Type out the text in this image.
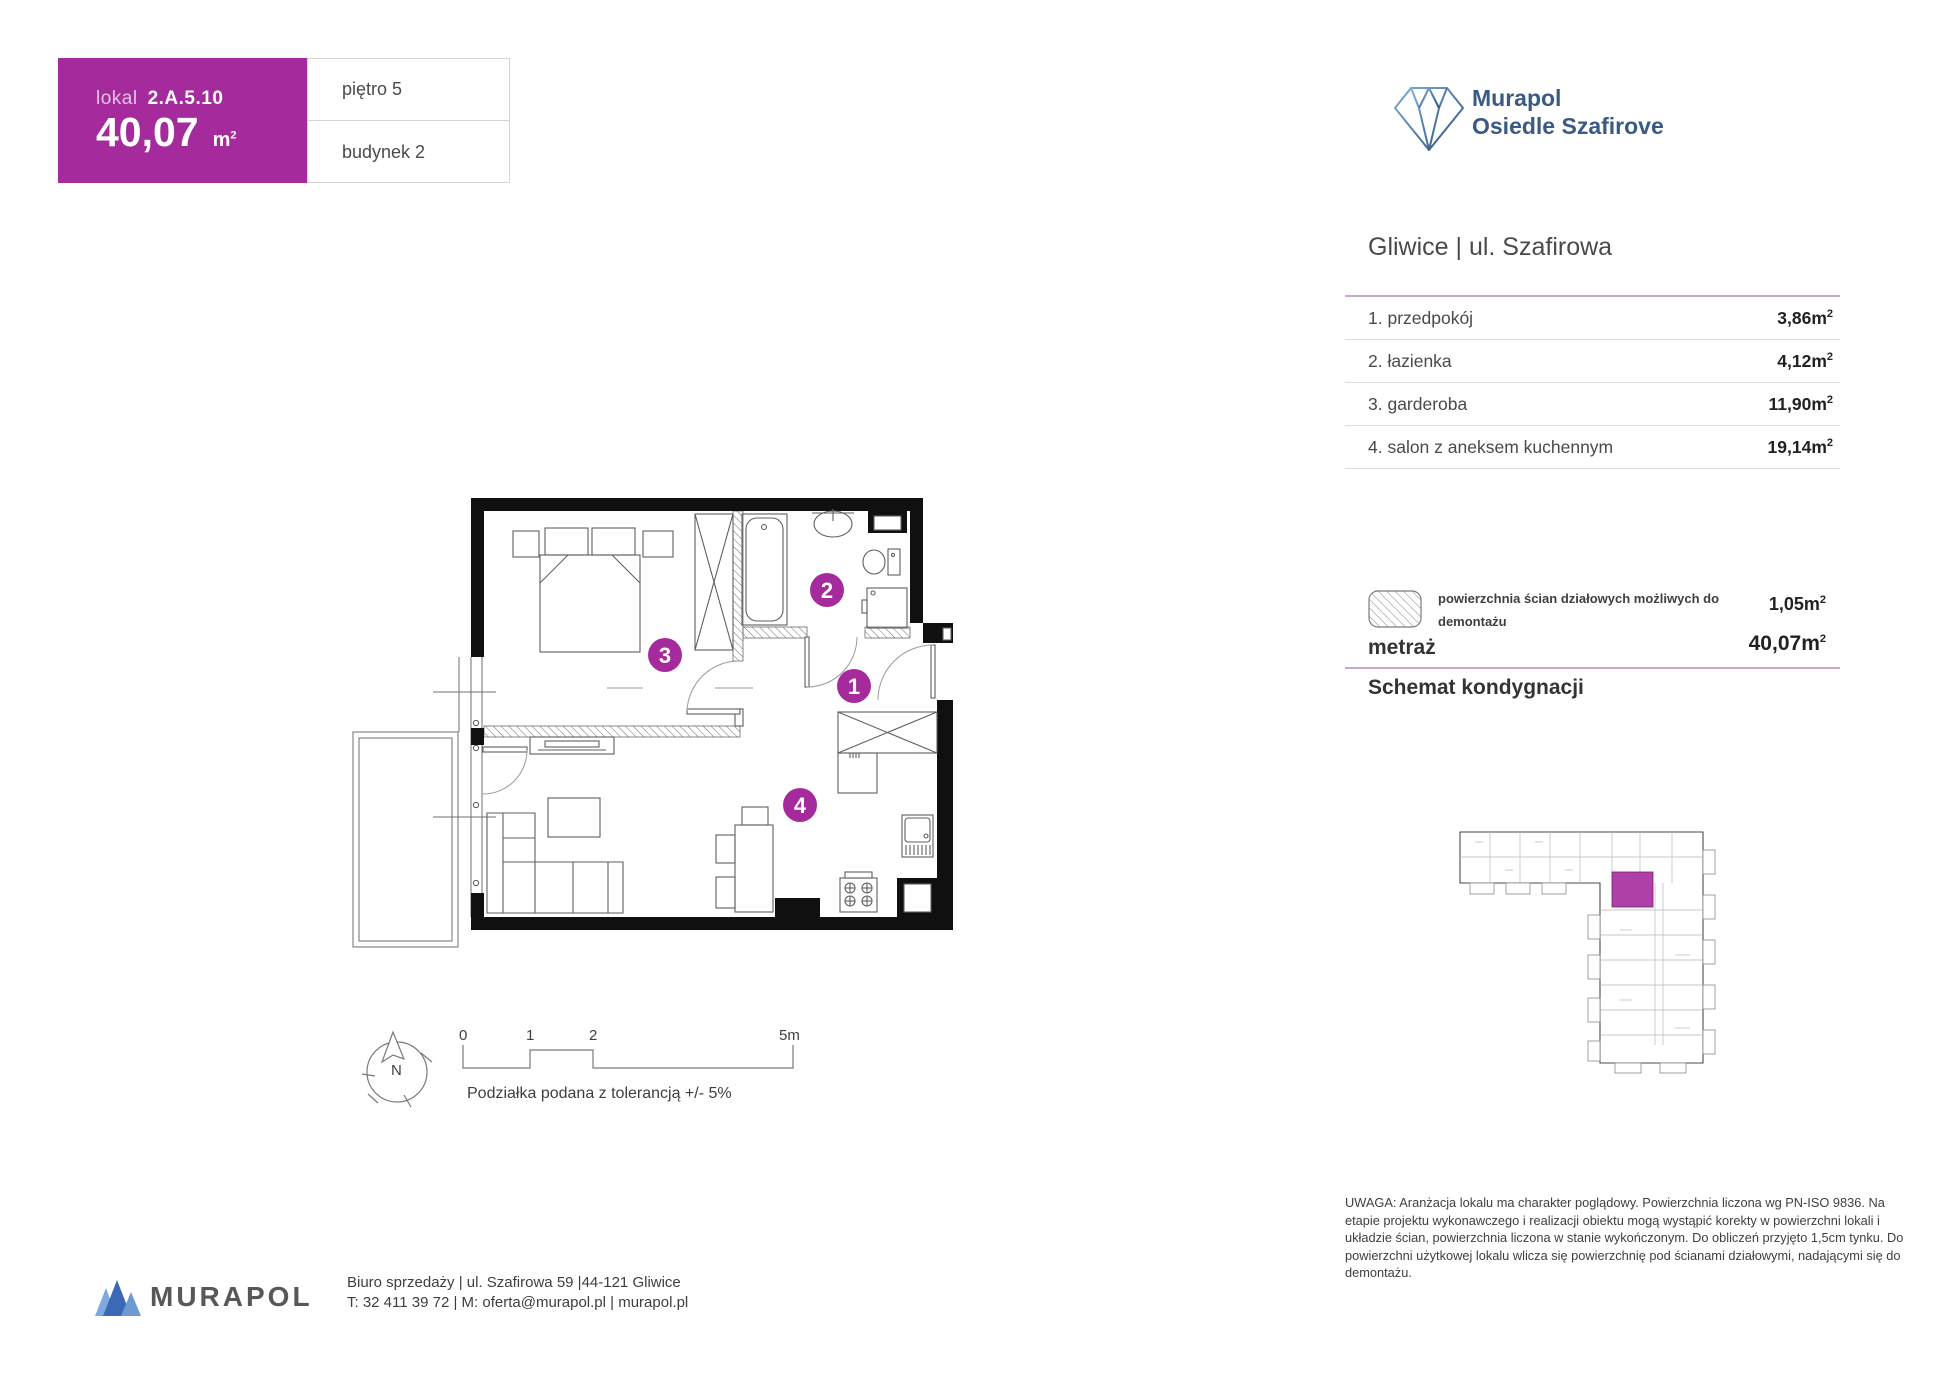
lokal 2.A.5.10
40,07 $m^2$
piętro 5
budynek 2
Murapol
Osiedle Szafirove
Gliwice | ul. Szafirowa
1. przedpokój	$3,86m^2$
2. łazienka	$4,12m^2$
3. garderoba	$11,90m^2$
4. salon z aneksem kuchennym	$19,14m^2$
powierzchnia ścian działowych możliwych do
demontażu
$1,05m^2$
metraż	$40,07m^2$
Schemat kondygnacji
1
2
3
4
N
0	1	2	5m
Podziałka podana z tolerancją +/- 5%
UWAGA: Aranżacja lokalu ma charakter poglądowy. Powierzchnia liczona wg PN-ISO 9836. Na etapie projektu wykonawczego i realizacji obiektu mogą wystąpić korekty w powierzchni lokali i układzie ścian, powierzchnia liczona w stanie wykończonym. Do obliczeń przyjęto 1,5cm tynku. Do powierzchni użytkowej lokalu wlicza się powierzchnię pod ścianami działowymi, nadającymi się do demontażu.
MURAPOL Biuro sprzedaży | ul. Szafirowa 59 |44-121 Gliwice
T: 32 411 39 72 | M: oferta@murapol.pl | murapol.pl
